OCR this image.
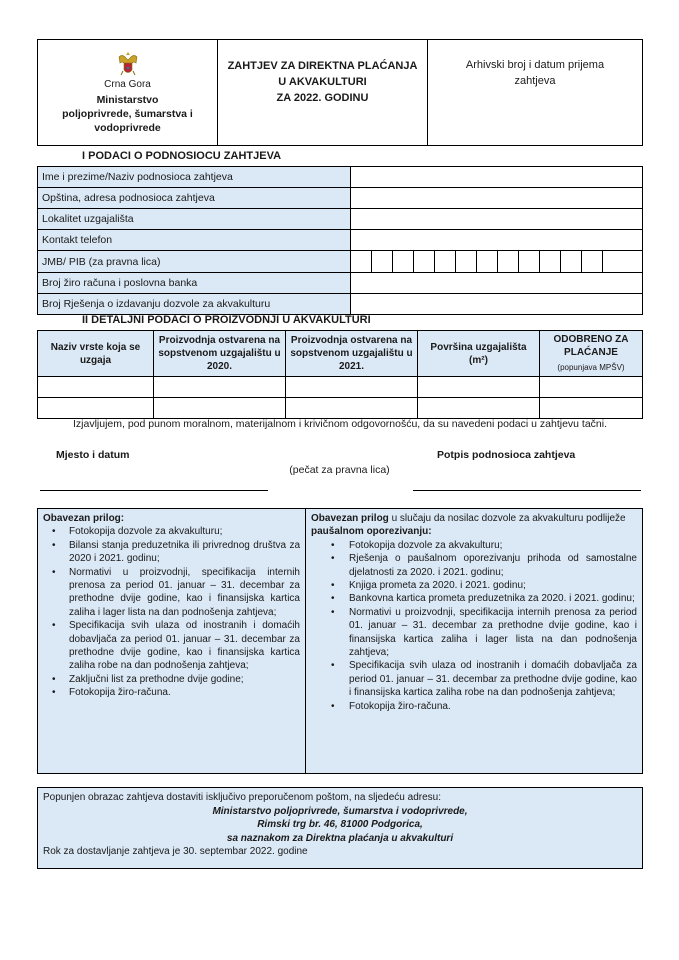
Crna Gora
Ministarstvo
poljoprivrede, šumarstva i
vodoprivrede
ZAHTJEV ZA DIREKTNA PLAĆANJA
U AKVAKULTURI
ZA 2022. GODINU
Arhivski broj i datum prijema zahtjeva
I PODACI O PODNOSIOCU ZAHTJEVA
Ime i prezime/Naziv podnosioca zahtjeva	
Opština, adresa podnosioca zahtjeva	
Lokalitet uzgajališta	
Kontakt telefon	
JMB/ PIB (za pravna lica)	

Broj žiro računa i poslovna banka	
Broj Rješenja o izdavanju dozvole za akvakulturu	
II DETALJNI PODACI O PROIZVODNJI U AKVAKULTURI
Naziv vrste koja se uzgaja	Proizvodnja ostvarena na sopstvenom uzgajalištu u 2020.	Proizvodnja ostvarena na sopstvenom uzgajalištu u 2021.	Površina uzgajališta (m²)	ODOBRENO ZA PLAĆANJE
(popunjava MPŠV)

Izjavljujem, pod punom moralnom, materijalnom i krivičnom odgovornošću, da su navedeni podaci u zahtjevu tačni.
Mjesto i datum	Potpis podnosioca zahtjeva
(pečat za pravna lica)
Obavezan prilog:
• Fotokopija dozvole za akvakulturu;
• Bilansi stanja preduzetnika ili privrednog društva za 2020 i 2021. godinu;
• Normativi u proizvodnji, specifikacija internih prenosa za period 01. januar – 31. decembar za prethodne dvije godine, kao i finansijska kartica zaliha i lager lista na dan podnošenja zahtjeva;
• Specifikacija svih ulaza od inostranih i domaćih dobavljača za period 01. januar – 31. decembar za prethodne dvije godine, kao i finansijska kartica zaliha robe na dan podnošenja zahtjeva;
• Zaključni list za prethodne dvije godine;
• Fotokopija žiro-računa.
Obavezan prilog u slučaju da nosilac dozvole za akvakulturu podliježe paušalnom oporezivanju:
• Fotokopija dozvole za akvakulturu;
• Rješenja o paušalnom oporezivanju prihoda od samostalne djelatnosti za 2020. i 2021. godinu;
• Knjiga prometa za 2020. i 2021. godinu;
• Bankovna kartica prometa preduzetnika za 2020. i 2021. godinu;
• Normativi u proizvodnji, specifikacija internih prenosa za period 01. januar – 31. decembar za prethodne dvije godine, kao i finansijska kartica zaliha i lager lista na dan podnošenja zahtjeva;
• Specifikacija svih ulaza od inostranih i domaćih dobavljača za period 01. januar – 31. decembar za prethodne dvije godine, kao i finansijska kartica zaliha robe na dan podnošenja zahtjeva;
• Fotokopija žiro-računa.
Popunjen obrazac zahtjeva dostaviti isključivo preporučenom poštom, na sljedeću adresu:
Ministarstvo poljoprivrede, šumarstva i vodoprivrede,
Rimski trg br. 46, 81000 Podgorica,
sa naznakom za Direktna plaćanja u akvakulturi
Rok za dostavljanje zahtjeva je 30. septembar 2022. godine
